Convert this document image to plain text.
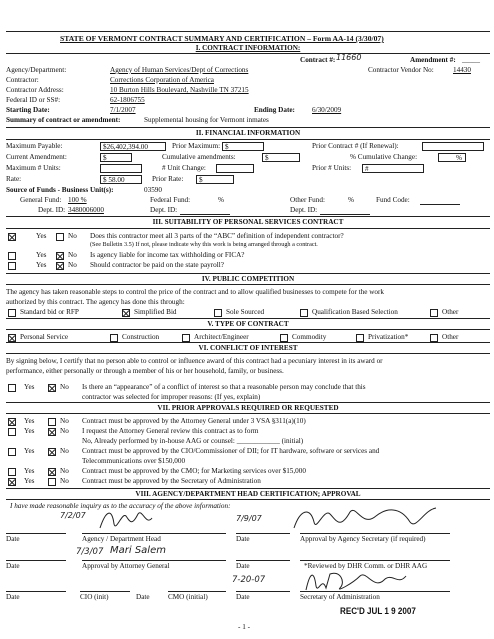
STATE OF VERMONT CONTRACT SUMMARY AND CERTIFICATION – Form AA-14 (3/30/07)
I. CONTRACT INFORMATION:
Contract #: 11660	Amendment #: _____
Agency/Department:	Agency of Human Services/Dept of Corrections	Contractor Vendor No:	14430
Contractor:	Corrections Corporation of America
Contractor Address:	10 Burton Hills Boulevard, Nashville TN 37215
Federal ID or SS#:	62-1806755
Starting Date:	7/1/2007	Ending Date: 6/30/2009
Summary of contract or amendment:	Supplemental housing for Vermont inmates
II. FINANCIAL INFORMATION
Maximum Payable:	$26,402,394.00	Prior Maximum: $	Prior Contract # (If Renewal):
Current Amendment:	$	Cumulative amendments:	$	% Cumulative Change:	%
Maximum # Units:	# Unit Change:	Prior # Units: #
Rate:	$ 58.00	Prior Rate: $
Source of Funds - Business Unit(s):	03590
General Fund: 100 %	Federal Fund:	%	Other Fund:	%	Fund Code:
Dept. ID: 3480006000	Dept. ID:	Dept. ID:
III. SUITABILITY OF PERSONAL SERVICES CONTRACT
Yes	No Does this contractor meet all 3 parts of the “ABC” definition of independent contractor?
(See Bulletin 3.5) If not, please indicate why this work is being arranged through a contract.
Yes	No Is agency liable for income tax withholding or FICA?
Yes	No Should contractor be paid on the state payroll?
IV. PUBLIC COMPETITION
The agency has taken reasonable steps to control the price of the contract and to allow qualified businesses to compete for the work
authorized by this contract. The agency has done this through:
Standard bid or RFP	Simplified Bid	Sole Sourced	Qualification Based Selection	Other
V. TYPE OF CONTRACT
Personal Service	Construction	Architect/Engineer	Commodity	Privatization*	Other
VI. CONFLICT OF INTEREST
By signing below, I certify that no person able to control or influence award of this contract had a pecuniary interest in its award or
performance, either personally or through a member of his or her household, family, or business.
Yes	No Is there an “appearance” of a conflict of interest so that a reasonable person may conclude that this
contractor was selected for improper reasons: (If yes, explain)
VII. PRIOR APPROVALS REQUIRED OR REQUESTED
Yes	No Contract must be approved by the Attorney General under 3 VSA §311(a)(10)
Yes	No I request the Attorney General review this contract as to form
No, Already performed by in-house AAG or counsel: ____________ (initial)
Yes	No Contract must be approved by the CIO/Commissioner of DII; for IT hardware, software or services and
Telecommunications over $150,000
Yes	No Contract must be approved by the CMO; for Marketing services over $15,000
Yes	No Contract must be approved by the Secretary of Administration
VIII. AGENCY/DEPARTMENT HEAD CERTIFICATION; APPROVAL
I have made reasonable inquiry as to the accuracy of the above information:
7/2/07
Date	Agency / Department Head
7/9/07
Date	Approval by Agency Secretary (if required)
7/3/07 Mari Salem
Date	Approval by Attorney General	Date	*Reviewed by DHR Comm. or DHR AAG
7-20-07
Date	CIO (init)	Date	CMO (initial)	Date	Secretary of Administration
REC'D JUL 1 9 2007
- 1 -
